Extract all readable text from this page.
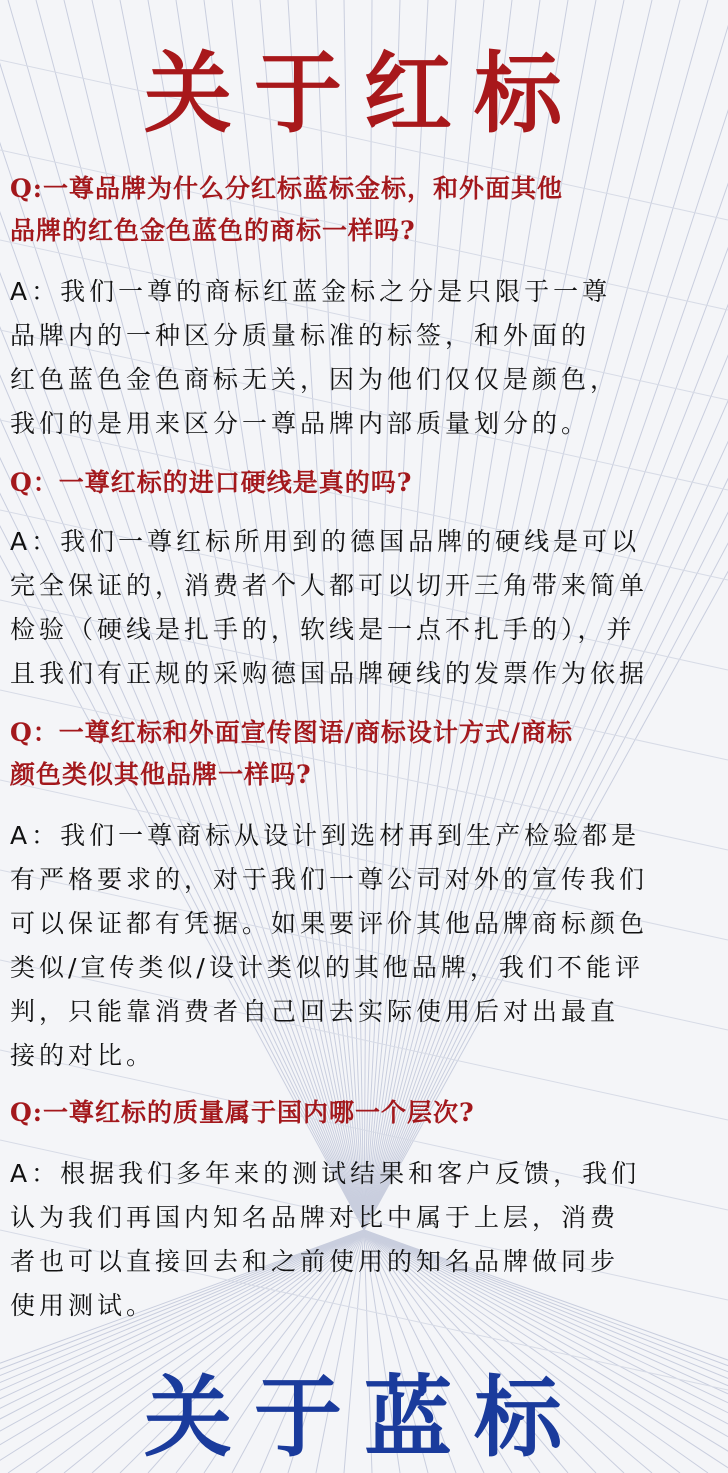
关于红标
Q:一尊品牌为什么分红标蓝标金标，和外面其他
品牌的红色金色蓝色的商标一样吗?
A：我们一尊的商标红蓝金标之分是只限于一尊
品牌内的一种区分质量标准的标签，和外面的
红色蓝色金色商标无关，因为他们仅仅是颜色，
我们的是用来区分一尊品牌内部质量划分的。
Q：一尊红标的进口硬线是真的吗?
A：我们一尊红标所用到的德国品牌的硬线是可以
完全保证的，消费者个人都可以切开三角带来简单
检验（硬线是扎手的，软线是一点不扎手的），并
且我们有正规的采购德国品牌硬线的发票作为依据
Q：一尊红标和外面宣传图语/商标设计方式/商标
颜色类似其他品牌一样吗?
A：我们一尊商标从设计到选材再到生产检验都是
有严格要求的，对于我们一尊公司对外的宣传我们
可以保证都有凭据。如果要评价其他品牌商标颜色
类似/宣传类似/设计类似的其他品牌，我们不能评
判，只能靠消费者自己回去实际使用后对出最直
接的对比。
Q:一尊红标的质量属于国内哪一个层次?
A：根据我们多年来的测试结果和客户反馈，我们
认为我们再国内知名品牌对比中属于上层，消费
者也可以直接回去和之前使用的知名品牌做同步
使用测试。
关于蓝标
